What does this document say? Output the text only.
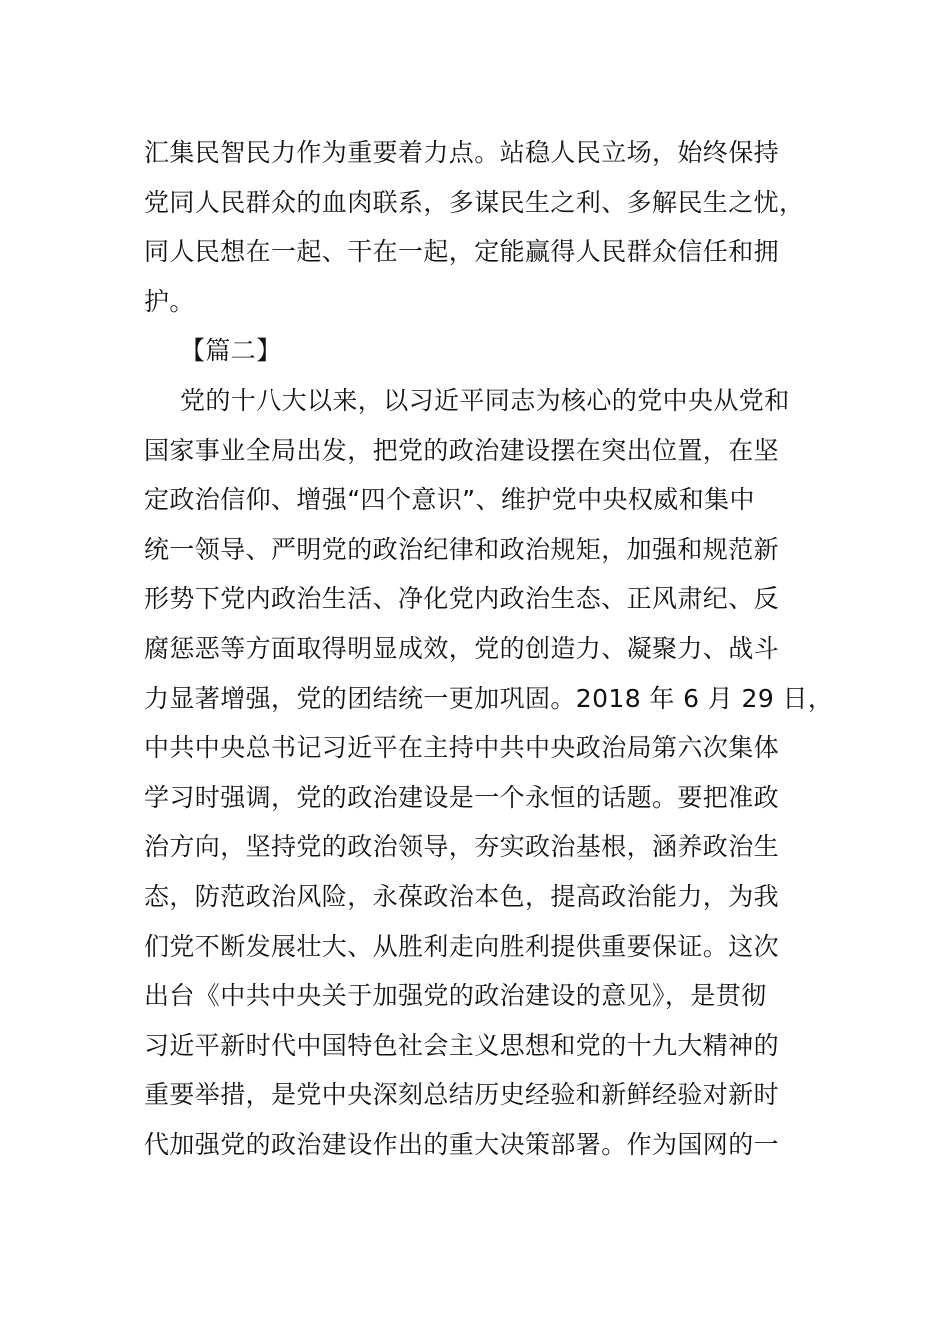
汇集民智民力作为重要着力点。站稳人民立场，始终保持
党同人民群众的血肉联系，多谋民生之利、多解民生之忧，
同人民想在一起、干在一起，定能赢得人民群众信任和拥
护。
【篇二】
党的十八大以来，以习近平同志为核心的党中央从党和
国家事业全局出发，把党的政治建设摆在突出位置，在坚
定政治信仰、增强“四个意识”、维护党中央权威和集中
统一领导、严明党的政治纪律和政治规矩，加强和规范新
形势下党内政治生活、净化党内政治生态、正风肃纪、反
腐惩恶等方面取得明显成效，党的创造力、凝聚力、战斗
力显著增强，党的团结统一更加巩固。2018 年 6 月 29 日，
中共中央总书记习近平在主持中共中央政治局第六次集体
学习时强调，党的政治建设是一个永恒的话题。要把准政
治方向，坚持党的政治领导，夯实政治基根，涵养政治生
态，防范政治风险，永葆政治本色，提高政治能力，为我
们党不断发展壮大、从胜利走向胜利提供重要保证。这次
出台《中共中央关于加强党的政治建设的意见》，是贯彻
习近平新时代中国特色社会主义思想和党的十九大精神的
重要举措，是党中央深刻总结历史经验和新鲜经验对新时
代加强党的政治建设作出的重大决策部署。作为国网的一
